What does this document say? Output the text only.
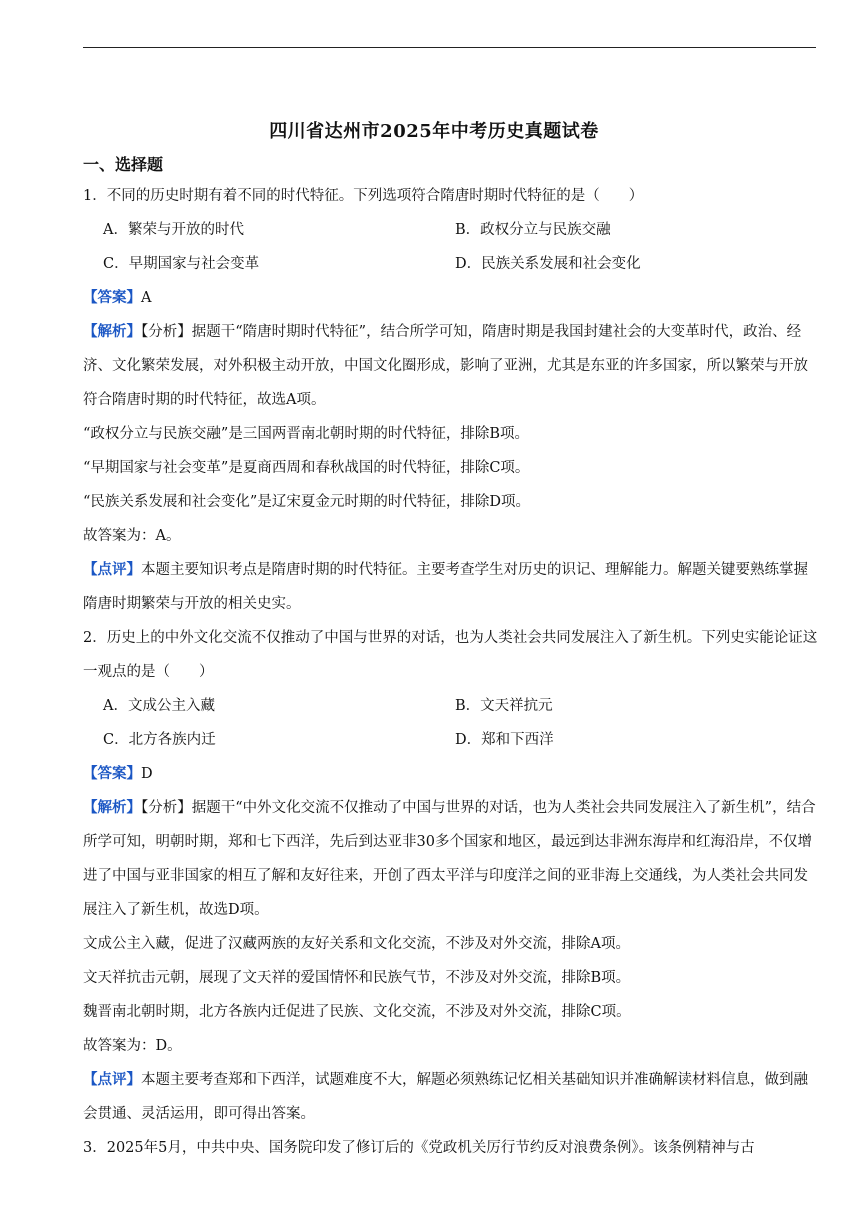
四川省达州市2025年中考历史真题试卷
一、选择题

1．不同的历史时期有着不同的时代特征。下列选项符合隋唐时期时代特征的是（　　）

A．繁荣与开放的时代	B．政权分立与民族交融
C．早期国家与社会变革	D．民族关系发展和社会变化

【答案】A

【解析】【分析】据题干“隋唐时期时代特征”，结合所学可知，隋唐时期是我国封建社会的大变革时代，政治、经济、文化繁荣发展，对外积极主动开放，中国文化圈形成，影响了亚洲，尤其是东亚的许多国家，所以繁荣与开放符合隋唐时期的时代特征，故选A项。

“政权分立与民族交融”是三国两晋南北朝时期的时代特征，排除B项。

“早期国家与社会变革”是夏商西周和春秋战国的时代特征，排除C项。

“民族关系发展和社会变化”是辽宋夏金元时期的时代特征，排除D项。

故答案为：A。

【点评】本题主要知识考点是隋唐时期的时代特征。主要考查学生对历史的识记、理解能力。解题关键要熟练掌握隋唐时期繁荣与开放的相关史实。

2．历史上的中外文化交流不仅推动了中国与世界的对话，也为人类社会共同发展注入了新生机。下列史实能论证这一观点的是（　　）

A．文成公主入藏	B．文天祥抗元
C．北方各族内迁	D．郑和下西洋

【答案】D

【解析】【分析】据题干“中外文化交流不仅推动了中国与世界的对话，也为人类社会共同发展注入了新生机”，结合所学可知，明朝时期，郑和七下西洋，先后到达亚非30多个国家和地区，最远到达非洲东海岸和红海沿岸，不仅增进了中国与亚非国家的相互了解和友好往来，开创了西太平洋与印度洋之间的亚非海上交通线，为人类社会共同发展注入了新生机，故选D项。

文成公主入藏，促进了汉藏两族的友好关系和文化交流，不涉及对外交流，排除A项。

文天祥抗击元朝，展现了文天祥的爱国情怀和民族气节，不涉及对外交流，排除B项。

魏晋南北朝时期，北方各族内迁促进了民族、文化交流，不涉及对外交流，排除C项。

故答案为：D。

【点评】本题主要考查郑和下西洋，试题难度不大，解题必须熟练记忆相关基础知识并准确解读材料信息，做到融会贯通、灵活运用，即可得出答案。

3．2025年5月，中共中央、国务院印发了修订后的《党政机关厉行节约反对浪费条例》。该条例精神与古
